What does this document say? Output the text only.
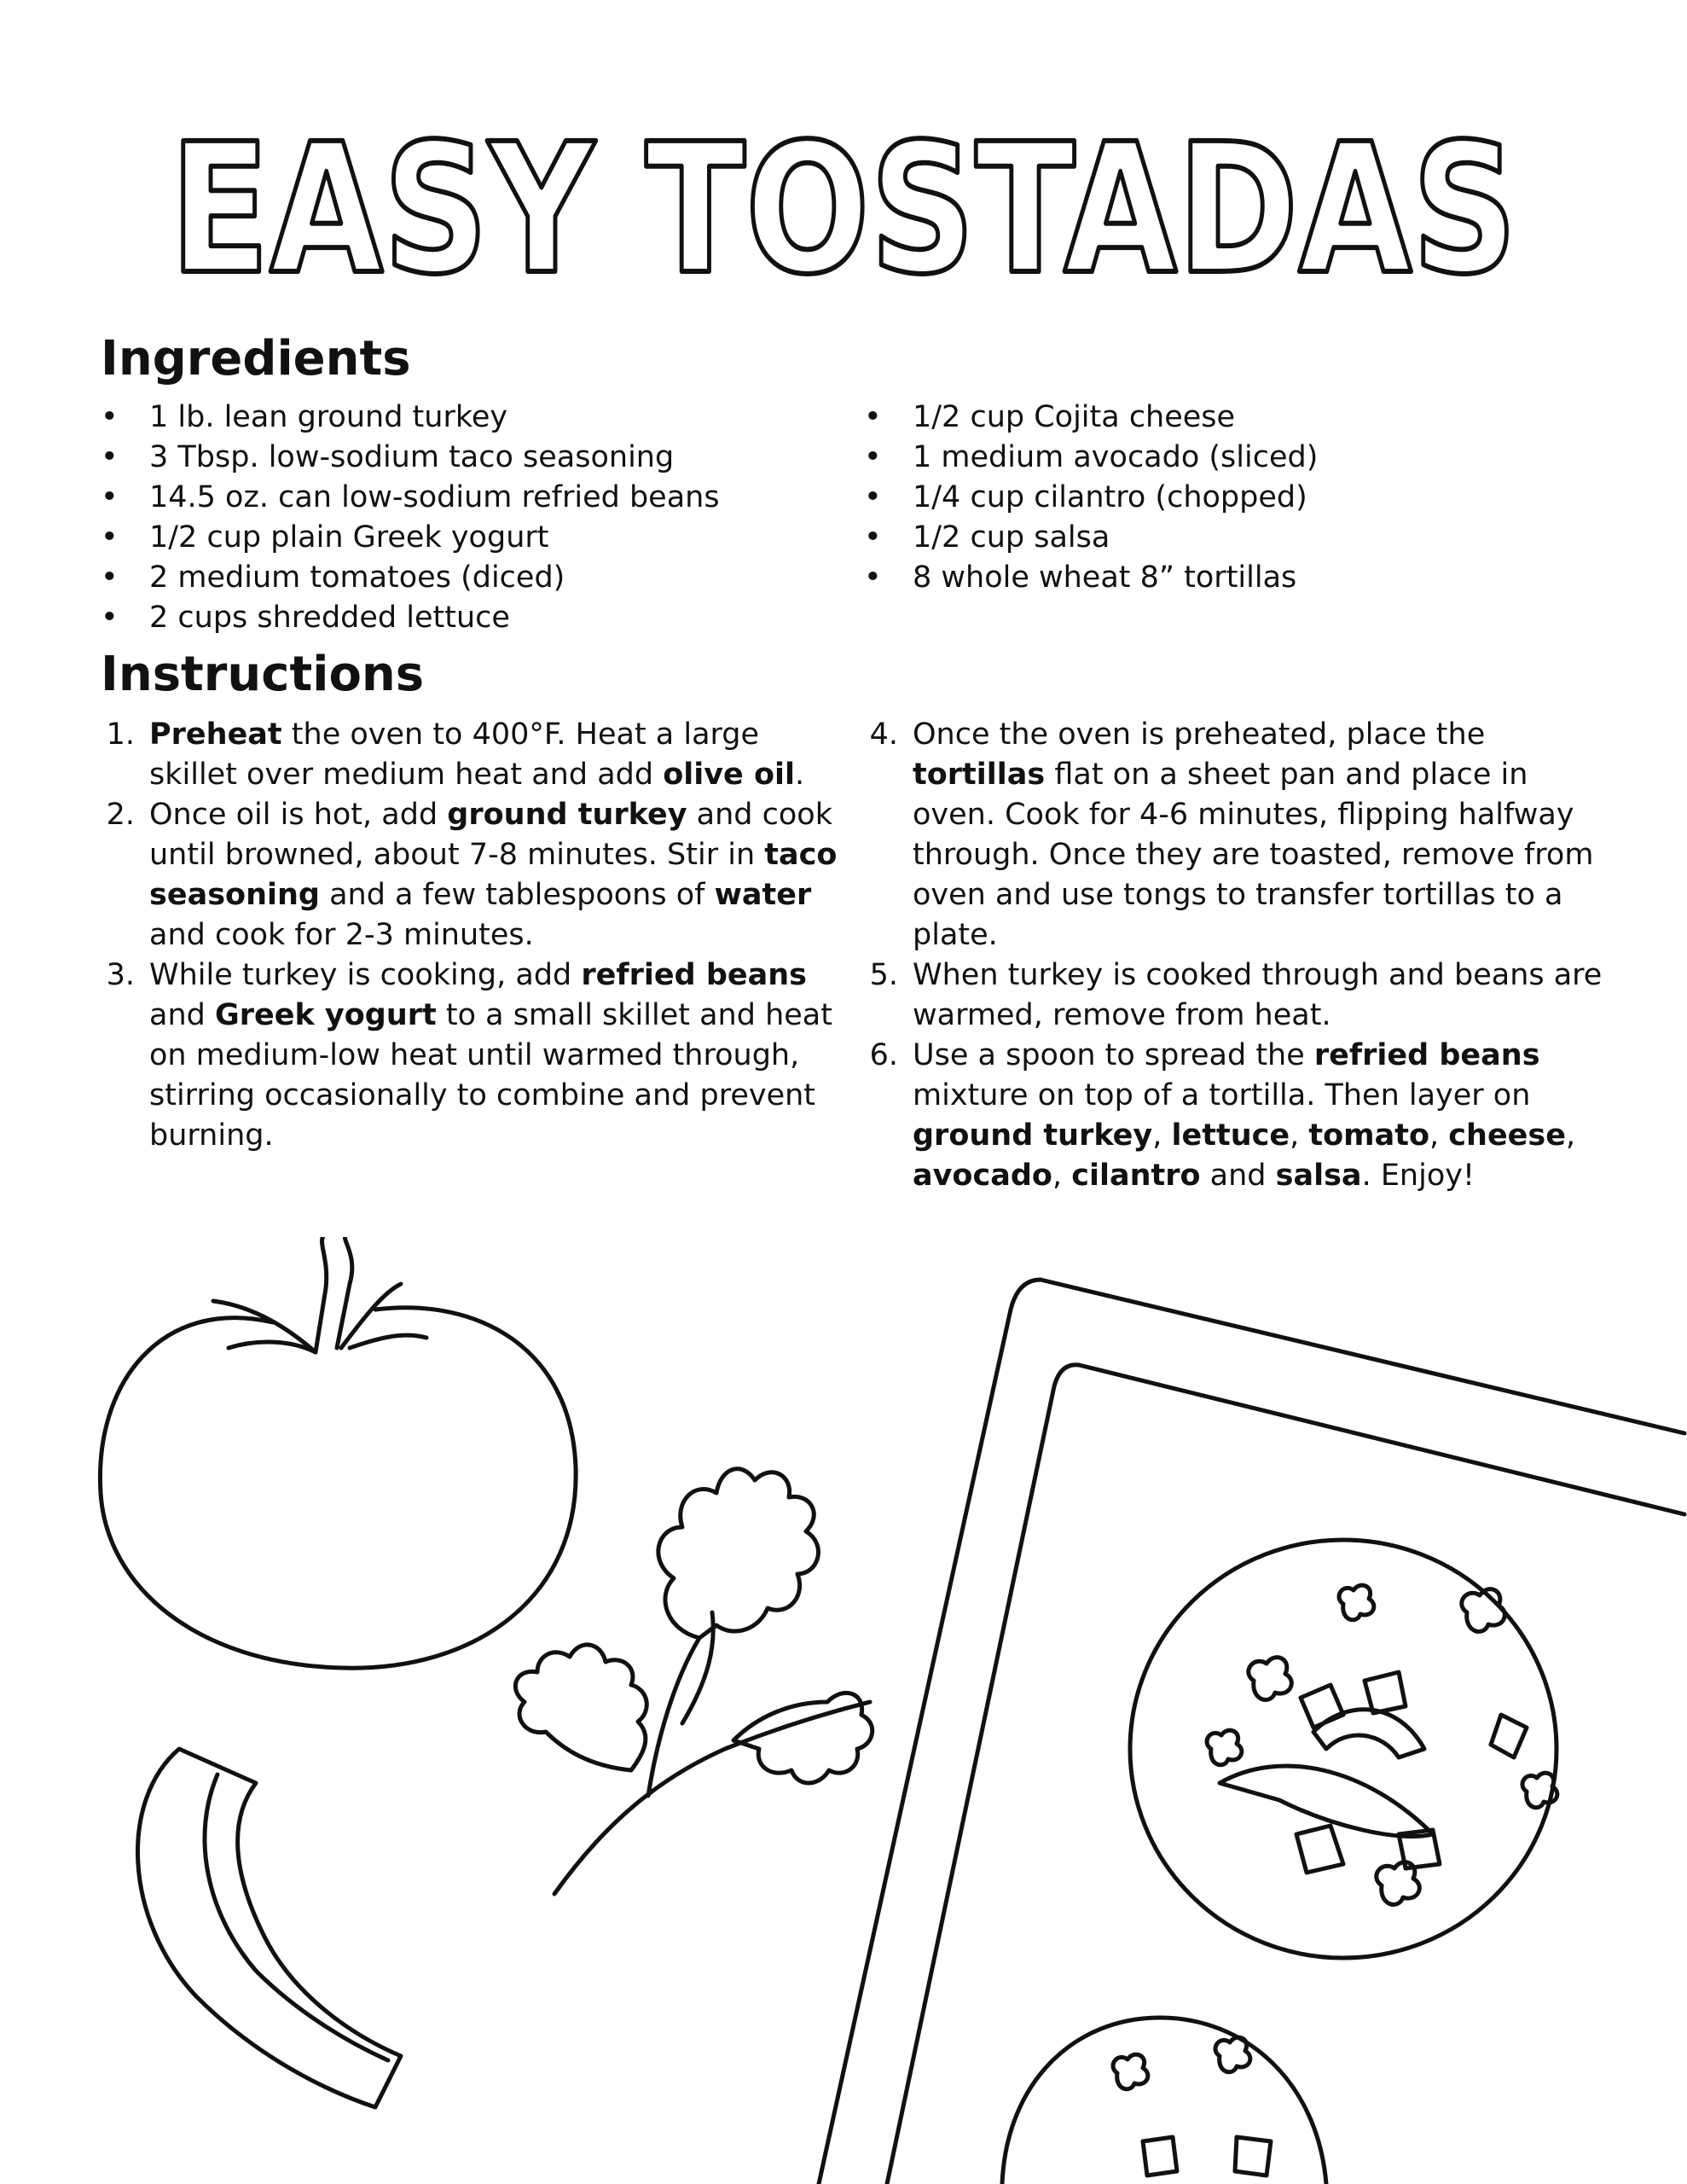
EASY TOSTADAS
Ingredients
• 1 lb. lean ground turkey
• 3 Tbsp. low-sodium taco seasoning
• 14.5 oz. can low-sodium refried beans
• 1/2 cup plain Greek yogurt
• 2 medium tomatoes (diced)
• 2 cups shredded lettuce
• 1/2 cup Cojita cheese
• 1 medium avocado (sliced)
• 1/4 cup cilantro (chopped)
• 1/2 cup salsa
• 8 whole wheat 8” tortillas
Instructions
1. Preheat the oven to 400°F. Heat a large skillet over medium heat and add olive oil.
2. Once oil is hot, add ground turkey and cook until browned, about 7-8 minutes. Stir in taco seasoning and a few tablespoons of water and cook for 2-3 minutes.
3. While turkey is cooking, add refried beans and Greek yogurt to a small skillet and heat on medium-low heat until warmed through, stirring occasionally to combine and prevent burning.
4. Once the oven is preheated, place the tortillas flat on a sheet pan and place in oven. Cook for 4-6 minutes, flipping halfway through. Once they are toasted, remove from oven and use tongs to transfer tortillas to a plate.
5. When turkey is cooked through and beans are warmed, remove from heat.
6. Use a spoon to spread the refried beans mixture on top of a tortilla. Then layer on ground turkey, lettuce, tomato, cheese, avocado, cilantro and salsa. Enjoy!
